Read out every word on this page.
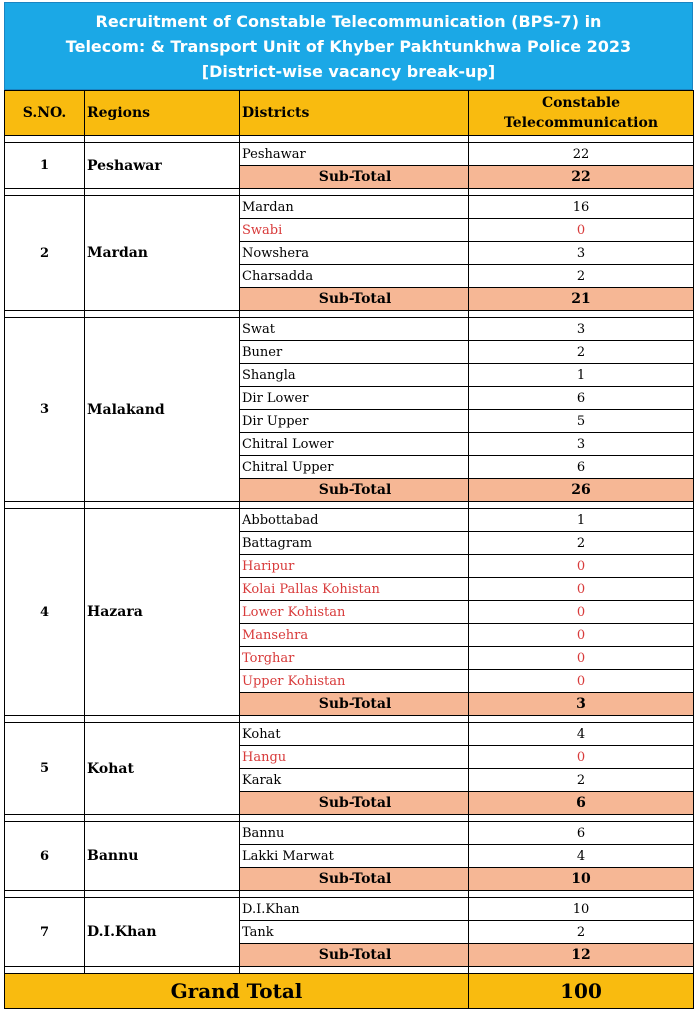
Recruitment of Constable Telecommunication (BPS-7) in
Telecom: & Transport Unit of Khyber Pakhtunkhwa Police 2023
[District-wise vacancy break-up]
S.NO.	Regions	Districts	Constable
Telecommunication

1	Peshawar	Peshawar	22
		Sub-Total	22

2	Mardan	Mardan	16
		Swabi	0
		Nowshera	3
		Charsadda	2
		Sub-Total	21

3	Malakand	Swat	3
		Buner	2
		Shangla	1
		Dir Lower	6
		Dir Upper	5
		Chitral Lower	3
		Chitral Upper	6
		Sub-Total	26

4	Hazara	Abbottabad	1
		Battagram	2
		Haripur	0
		Kolai Pallas Kohistan	0
		Lower Kohistan	0
		Mansehra	0
		Torghar	0
		Upper Kohistan	0
		Sub-Total	3

5	Kohat	Kohat	4
		Hangu	0
		Karak	2
		Sub-Total	6

6	Bannu	Bannu	6
		Lakki Marwat	4
		Sub-Total	10

7	D.I.Khan	D.I.Khan	10
		Tank	2
		Sub-Total	12

Grand Total			100
